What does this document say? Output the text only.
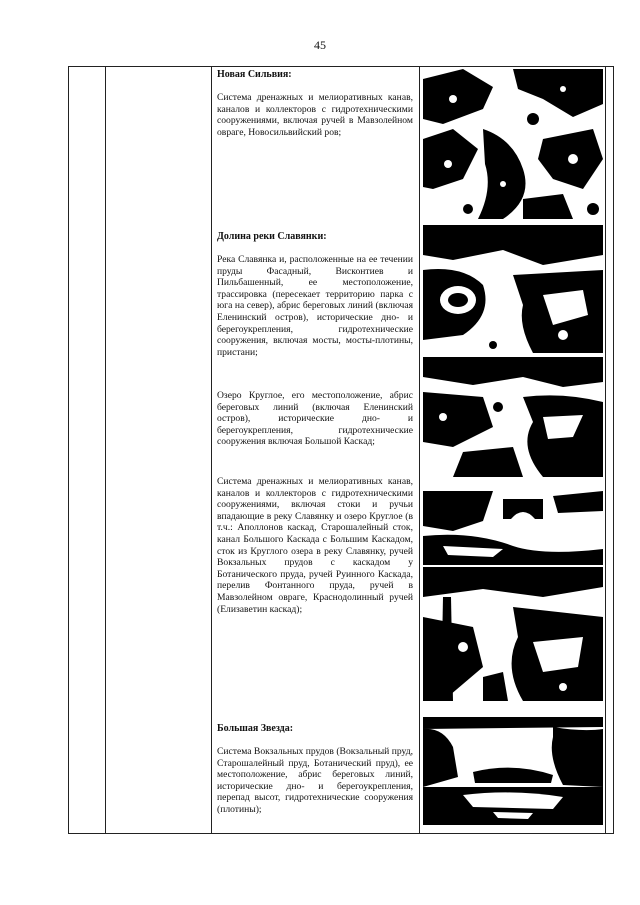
45
Новая Сильвия:

Система дренажных и мелиоративных канав, каналов и коллекторов с гидротехническими сооружениями, включая ручей в Мавзолейном овраге, Новосильвийский ров;

Долина реки Славянки:

Река Славянка и, расположенные на ее течении пруды Фасадный, Висконтиев и Пильбашенный, ее местоположение, трассировка (пересекает территорию парка с юга на север), абрис береговых линий (включая Еленинский остров), исторические дно- и берегоукрепления, гидротехнические сооружения, включая мосты, мосты-плотины, пристани;

Озеро Круглое, его местоположение, абрис береговых линий (включая Еленинский остров), исторические дно- и берегоукрепления, гидротехнические сооружения включая Большой Каскад;

Система дренажных и мелиоративных канав, каналов и коллекторов с гидротехническими сооружениями, включая стоки и ручьи впадающие в реку Славянку и озеро Круглое (в т.ч.: Аполлонов каскад, Старошалейный сток, канал Большого Каскада с Большим Каскадом, сток из Круглого озера в реку Славянку, ручей Вокзальных прудов с каскадом у Ботанического пруда, ручей Руинного Каскада, перелив Фонтанного пруда, ручей в Мавзолейном овраге, Краснодолинный ручей (Елизаветин каскад);

Большая Звезда:

Система Вокзальных прудов (Вокзальный пруд, Старошалейный пруд, Ботанический пруд), ее местоположение, абрис береговых линий, исторические дно- и берегоукрепления, перепад высот, гидротехнические сооружения (плотины);
